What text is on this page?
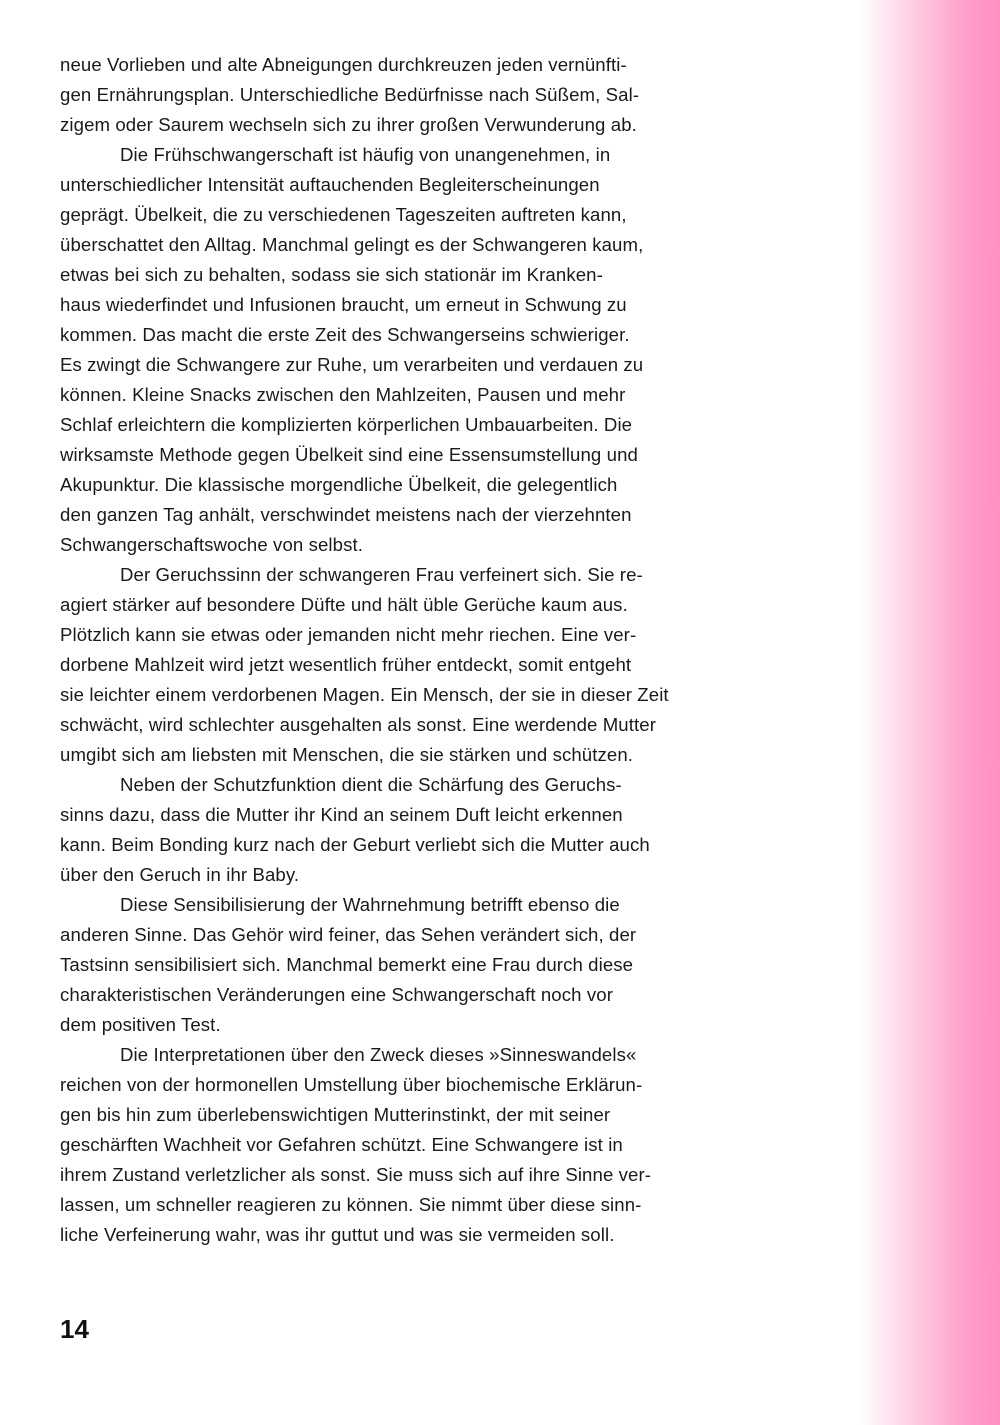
neue Vorlieben und alte Abneigungen durchkreuzen jeden vernünfti-
gen Ernährungsplan. Unterschiedliche Bedürfnisse nach Süßem, Sal-
zigem oder Saurem wechseln sich zu ihrer großen Verwunderung ab.
Die Frühschwangerschaft ist häufig von unangenehmen, in
unterschiedlicher Intensität auftauchenden Begleiterscheinungen
geprägt. Übelkeit, die zu verschiedenen Tageszeiten auftreten kann,
überschattet den Alltag. Manchmal gelingt es der Schwangeren kaum,
etwas bei sich zu behalten, sodass sie sich stationär im Kranken-
haus wiederfindet und Infusionen braucht, um erneut in Schwung zu
kommen. Das macht die erste Zeit des Schwangerseins schwieriger.
Es zwingt die Schwangere zur Ruhe, um verarbeiten und verdauen zu
können. Kleine Snacks zwischen den Mahlzeiten, Pausen und mehr
Schlaf erleichtern die komplizierten körperlichen Umbauarbeiten. Die
wirksamste Methode gegen Übelkeit sind eine Essensumstellung und
Akupunktur. Die klassische morgendliche Übelkeit, die gelegentlich
den ganzen Tag anhält, verschwindet meistens nach der vierzehnten
Schwangerschaftswoche von selbst.
Der Geruchssinn der schwangeren Frau verfeinert sich. Sie re-
agiert stärker auf besondere Düfte und hält üble Gerüche kaum aus.
Plötzlich kann sie etwas oder jemanden nicht mehr riechen. Eine ver-
dorbene Mahlzeit wird jetzt wesentlich früher entdeckt, somit entgeht
sie leichter einem verdorbenen Magen. Ein Mensch, der sie in dieser Zeit
schwächt, wird schlechter ausgehalten als sonst. Eine werdende Mutter
umgibt sich am liebsten mit Menschen, die sie stärken und schützen.
Neben der Schutzfunktion dient die Schärfung des Geruchs-
sinns dazu, dass die Mutter ihr Kind an seinem Duft leicht erkennen
kann. Beim Bonding kurz nach der Geburt verliebt sich die Mutter auch
über den Geruch in ihr Baby.
Diese Sensibilisierung der Wahrnehmung betrifft ebenso die
anderen Sinne. Das Gehör wird feiner, das Sehen verändert sich, der
Tastsinn sensibilisiert sich. Manchmal bemerkt eine Frau durch diese
charakteristischen Veränderungen eine Schwangerschaft noch vor
dem positiven Test.
Die Interpretationen über den Zweck dieses »Sinneswandels«
reichen von der hormonellen Umstellung über biochemische Erklärun-
gen bis hin zum überlebenswichtigen Mutterinstinkt, der mit seiner
geschärften Wachheit vor Gefahren schützt. Eine Schwangere ist in
ihrem Zustand verletzlicher als sonst. Sie muss sich auf ihre Sinne ver-
lassen, um schneller reagieren zu können. Sie nimmt über diese sinn-
liche Verfeinerung wahr, was ihr guttut und was sie vermeiden soll.
14
